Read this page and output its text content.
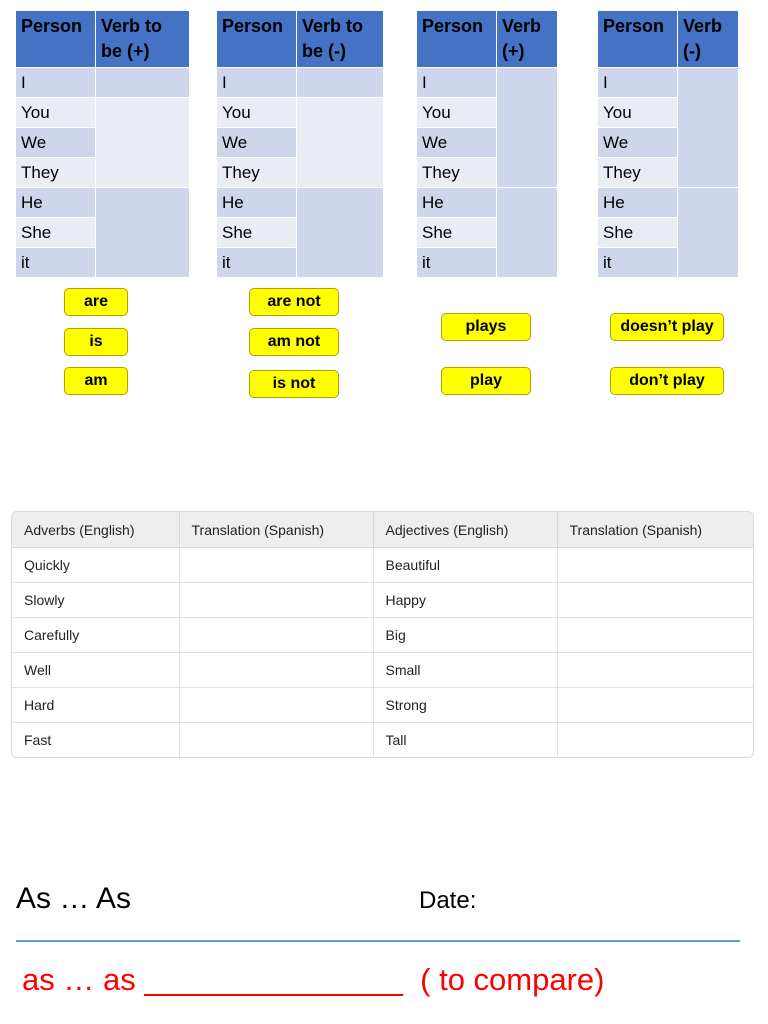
Person	Verb to be (+)
I	
You	
We	
They	
He	
She	
it	
Person	Verb to be (-)
I	
You	
We	
They	
He	
She	
it	
Person	Verb (+)
I	
You	
We	
They	
He	
She	
it	
Person	Verb (-)
I	
You	
We	
They	
He	
She	
it	
are
is
am
are not
am not
is not
plays
play
doesn’t play
don’t play
Adverbs (English)	Translation (Spanish)	Adjectives (English)	Translation (Spanish)
Quickly		Beautiful	
Slowly		Happy	
Carefully		Big	
Well		Small	
Hard		Strong	
Fast		Tall	
As … As	Date:
as … as _______________  ( to compare)
